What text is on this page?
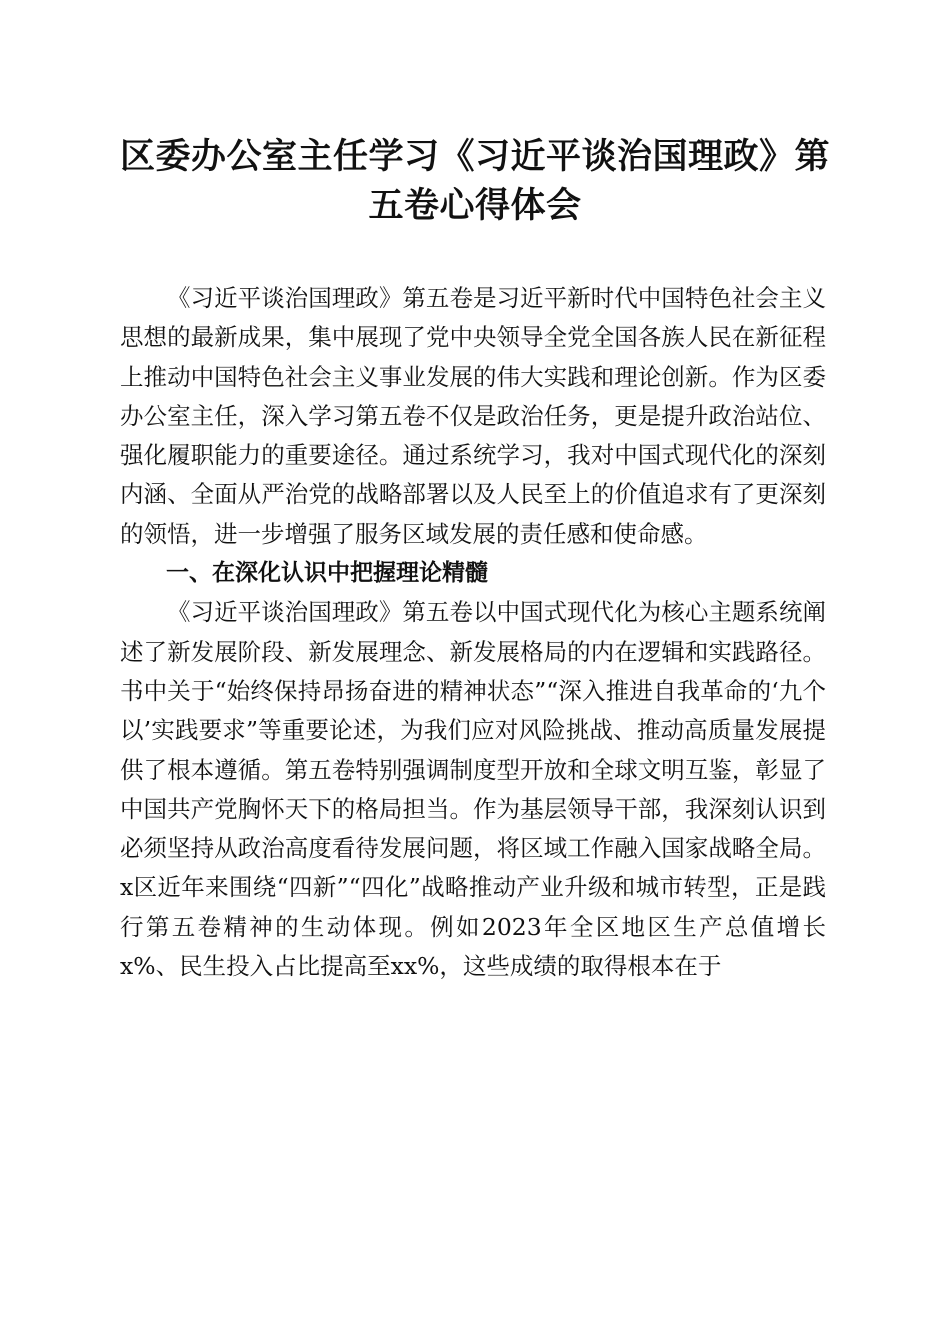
区委办公室主任学习《习近平谈治国理政》第
五卷心得体会

《习近平谈治国理政》第五卷是习近平新时代中国特色社会主义思想的最新成果，集中展现了党中央领导全党全国各族人民在新征程上推动中国特色社会主义事业发展的伟大实践和理论创新。作为区委办公室主任，深入学习第五卷不仅是政治任务，更是提升政治站位、强化履职能力的重要途径。通过系统学习，我对中国式现代化的深刻内涵、全面从严治党的战略部署以及人民至上的价值追求有了更深刻的领悟，进一步增强了服务区域发展的责任感和使命感。

一、在深化认识中把握理论精髓

《习近平谈治国理政》第五卷以中国式现代化为核心主题系统阐述了新发展阶段、新发展理念、新发展格局的内在逻辑和实践路径。书中关于“始终保持昂扬奋进的精神状态”“深入推进自我革命的‘九个以’实践要求”等重要论述，为我们应对风险挑战、推动高质量发展提供了根本遵循。第五卷特别强调制度型开放和全球文明互鉴，彰显了中国共产党胸怀天下的格局担当。作为基层领导干部，我深刻认识到必须坚持从政治高度看待发展问题，将区域工作融入国家战略全局。x区近年来围绕“四新”“四化”战略推动产业升级和城市转型，正是践行第五卷精神的生动体现。例如2023年全区地区生产总值增长x%、民生投入占比提高至xx%，这些成绩的取得根本在于
